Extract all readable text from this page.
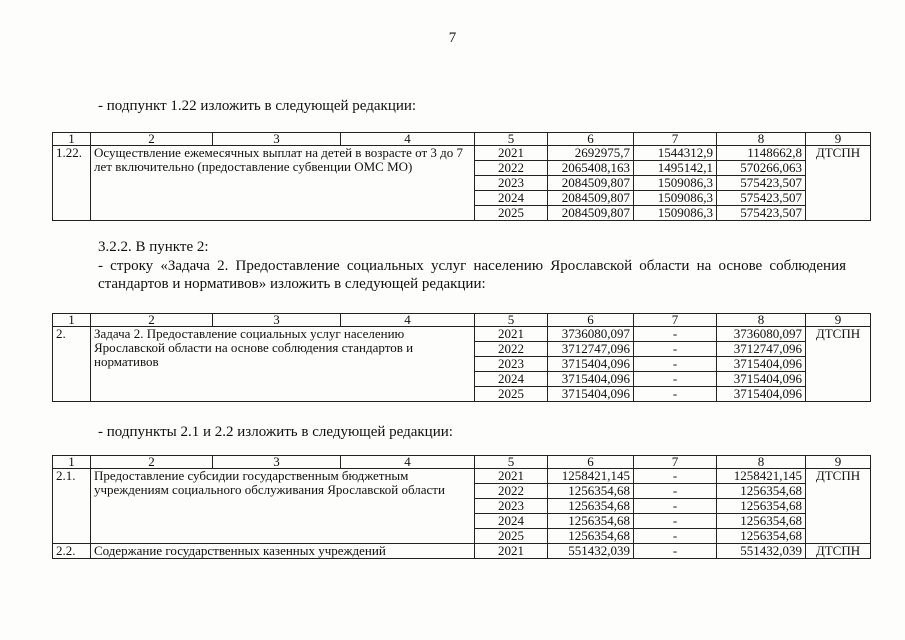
7

- подпункт 1.22 изложить в следующей редакции:

1	2	3	4	5	6	7	8	9
1.22.	Осуществление ежемесячных выплат на детей в возрасте от 3 до 7 лет включительно (предоставление субвенции ОМС МО)			2021	2692975,7	1544312,9	1148662,8	ДТСПН
				2022	2065408,163	1495142,1	570266,063	
				2023	2084509,807	1509086,3	575423,507	
				2024	2084509,807	1509086,3	575423,507	
				2025	2084509,807	1509086,3	575423,507	

3.2.2. В пункте 2:

- строку «Задача 2. Предоставление социальных услуг населению Ярославской области на основе соблюдения стандартов и нормативов» изложить в следующей редакции:

1	2	3	4	5	6	7	8	9
2.	Задача 2. Предоставление социальных услуг населению Ярославской области на основе соблюдения стандартов и нормативов			2021	3736080,097	-	3736080,097	ДТСПН
				2022	3712747,096	-	3712747,096	
				2023	3715404,096	-	3715404,096	
				2024	3715404,096	-	3715404,096	
				2025	3715404,096	-	3715404,096	

- подпункты 2.1 и 2.2 изложить в следующей редакции:

1	2	3	4	5	6	7	8	9
2.1.	Предоставление субсидии государственным бюджетным учреждениям социального обслуживания Ярославской области			2021	1258421,145	-	1258421,145	ДТСПН
				2022	1256354,68	-	1256354,68	
				2023	1256354,68	-	1256354,68	
				2024	1256354,68	-	1256354,68	
				2025	1256354,68	-	1256354,68	
2.2.	Содержание государственных казенных учреждений			2021	551432,039	-	551432,039	ДТСПН
